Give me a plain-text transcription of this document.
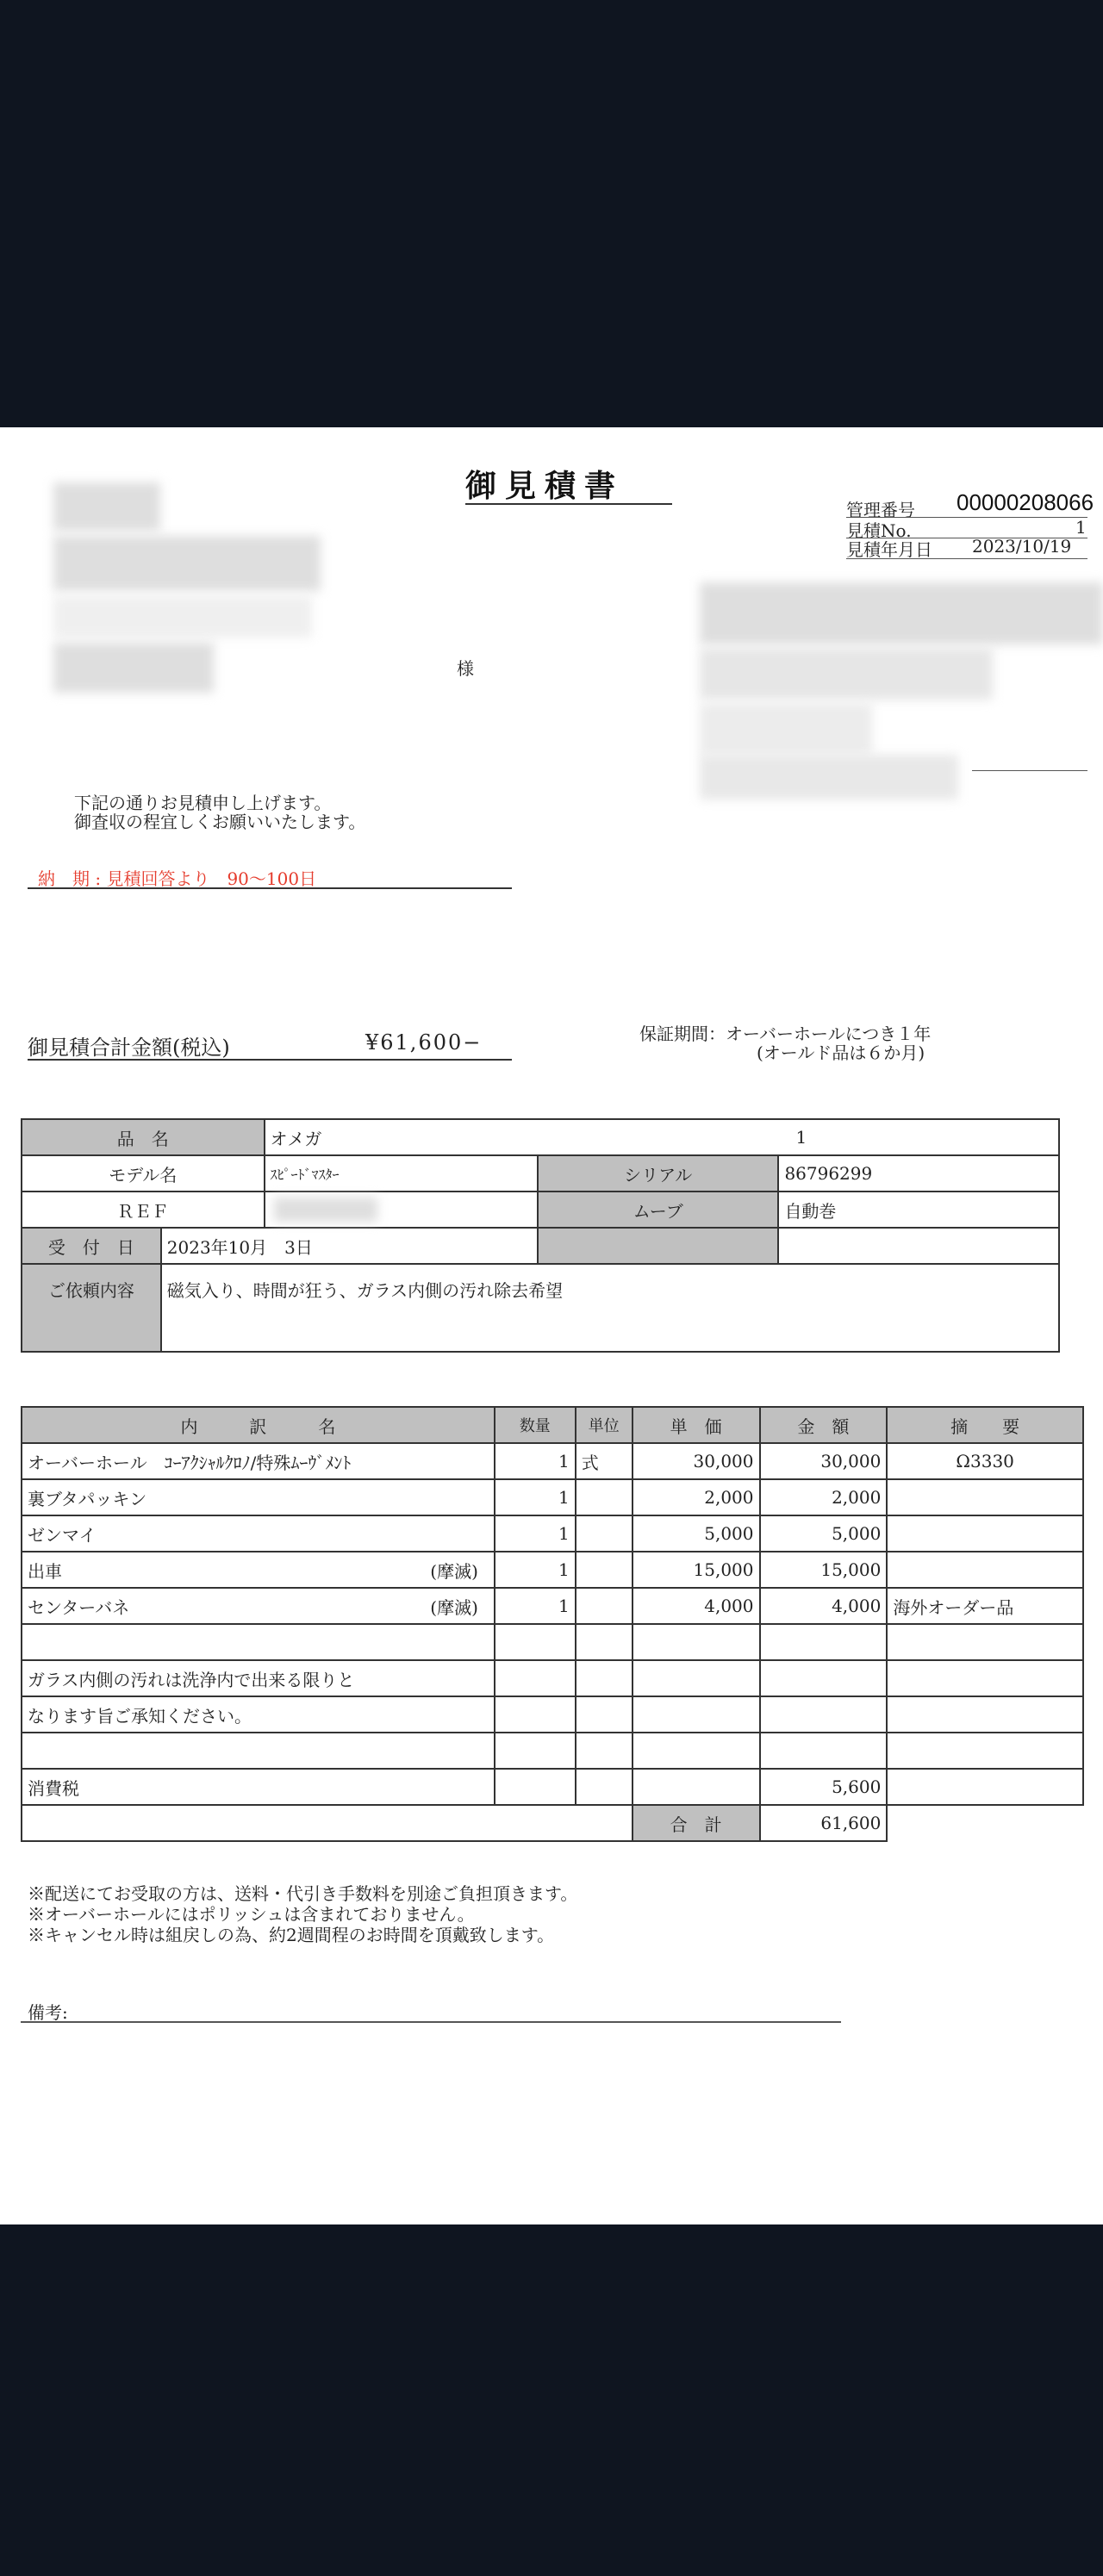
御見積書
管理番号 00000208066
見積No.	1
見積年月日 2023/10/19
様
下記の通りお見積申し上げます。
御査収の程宜しくお願いいたします。
納　期 : 見積回答より　90〜100日
保証期間：オーバーホールにつき１年
(オールド品は６か月)
御見積合計金額(税込)	¥61,600−
品　名		オメガ		1
モデル名		ｽﾋﾟｰﾄﾞﾏｽﾀｰ	シリアル	86796299
ＲＥＦ			ムーブ	自動巻
受　付　日	2023年10月　3日			
ご依頼内容	磁気入り、時間が狂う、ガラス内側の汚れ除去希望			
内　　　訳　　　名	数量	単位	単　価	金　額	摘　　要
オーバーホール　ｺｰｱｸｼｬﾙｸﾛﾉ/特殊ﾑｰｳﾞﾒﾝﾄ	1	式	30,000	30,000	Ω3330
裏ブタパッキン	1		2,000	2,000	
ゼンマイ	1		5,000	5,000	
出車 (摩滅)	1		15,000	15,000	
センターバネ (摩滅)	1		4,000	4,000	海外オーダー品

ガラス内側の汚れは洗浄内で出来る限りと

なります旨ご承知ください。

消費税				5,600	
			合　計	61,600	
※配送にてお受取の方は、送料・代引き手数料を別途ご負担頂きます。
※オーバーホールにはポリッシュは含まれておりません。
※キャンセル時は組戻しの為、約2週間程のお時間を頂戴致します。
備考:
